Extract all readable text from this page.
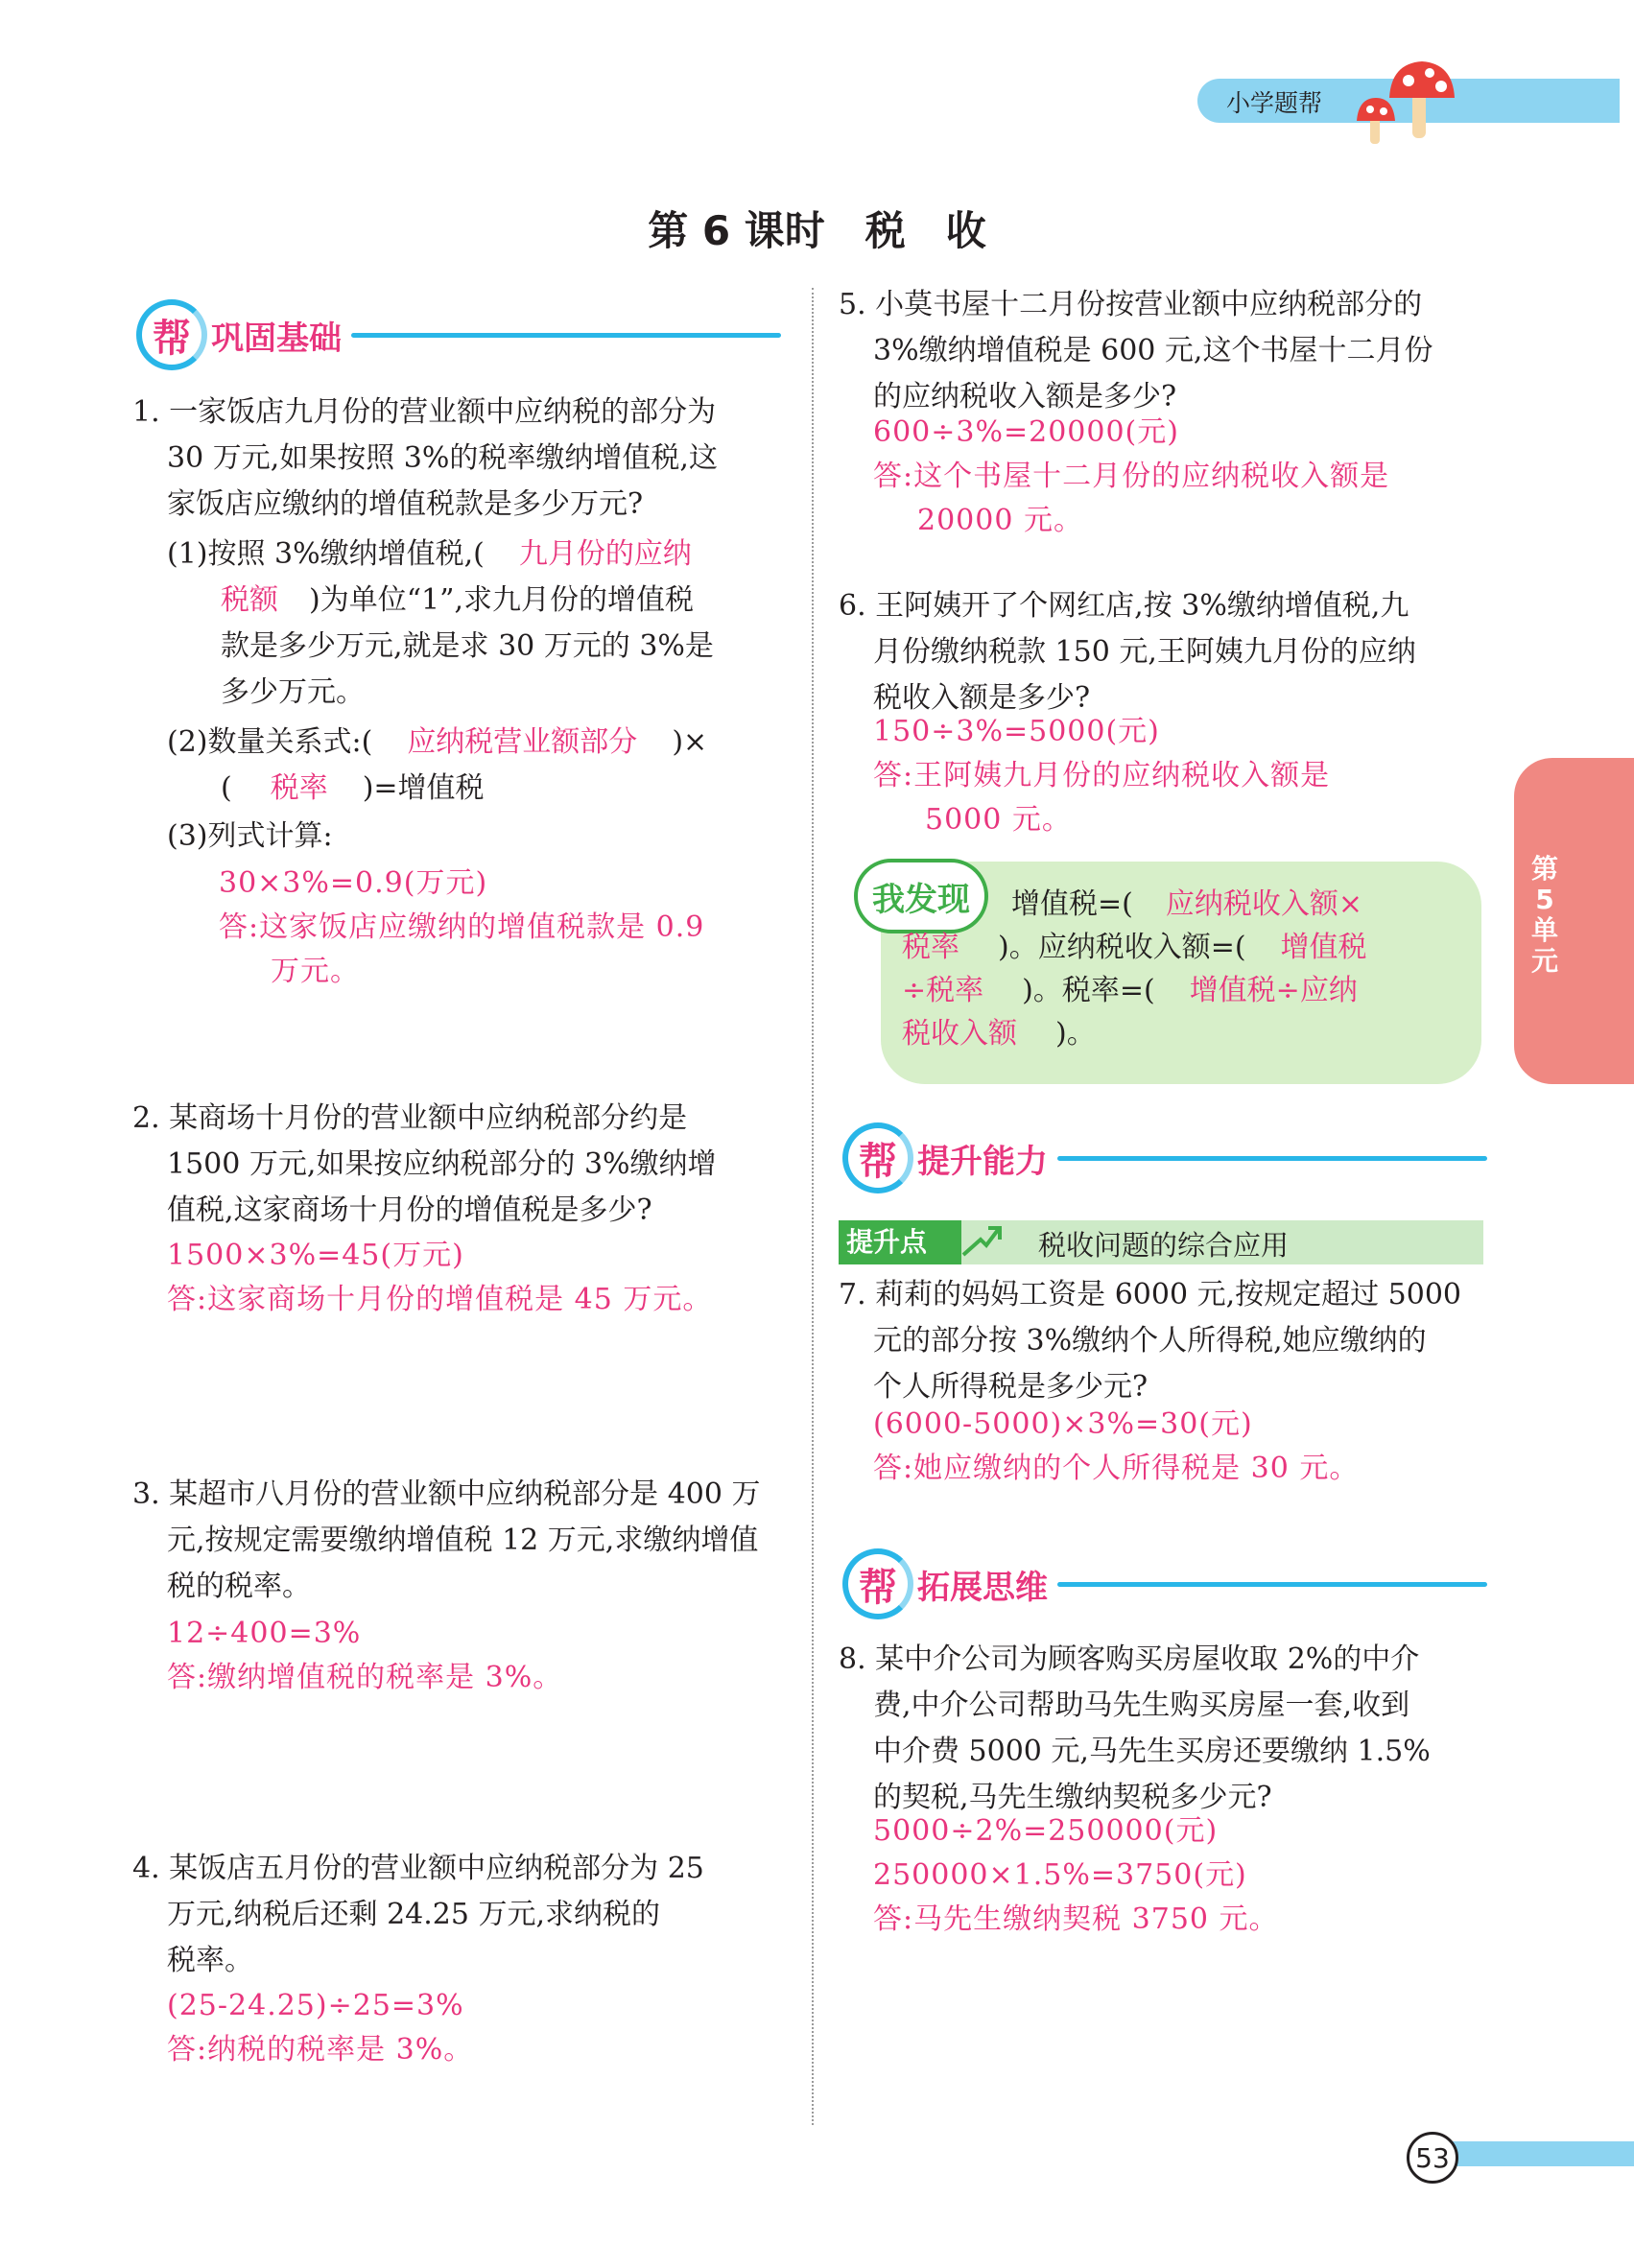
小学题帮
第5单元
第 6 课时　税　收
帮 巩固基础
1. 一家饭店九月份的营业额中应纳税的部分为
30 万元,如果按照 3%的税率缴纳增值税,这
家饭店应缴纳的增值税款是多少万元?
(1)按照 3%缴纳增值税,( 九月份的应纳
税额 )为单位“1”,求九月份的增值税
款是多少万元,就是求 30 万元的 3%是
多少万元。
(2)数量关系式:( 应纳税营业额部分 )×
( 税率 )=增值税
(3)列式计算:
30×3%=0.9(万元)
答:这家饭店应缴纳的增值税款是 0.9
万元。
2. 某商场十月份的营业额中应纳税部分约是
1500 万元,如果按应纳税部分的 3%缴纳增
值税,这家商场十月份的增值税是多少?
1500×3%=45(万元)
答:这家商场十月份的增值税是 45 万元。
3. 某超市八月份的营业额中应纳税部分是 400 万
元,按规定需要缴纳增值税 12 万元,求缴纳增值
税的税率。
12÷400=3%
答:缴纳增值税的税率是 3%。
4. 某饭店五月份的营业额中应纳税部分为 25
万元,纳税后还剩 24.25 万元,求纳税的
税率。
(25-24.25)÷25=3%
答:纳税的税率是 3%。
5. 小莫书屋十二月份按营业额中应纳税部分的
3%缴纳增值税是 600 元,这个书屋十二月份
的应纳税收入额是多少?
600÷3%=20000(元)
答:这个书屋十二月份的应纳税收入额是
20000 元。
6. 王阿姨开了个网红店,按 3%缴纳增值税,九
月份缴纳税款 150 元,王阿姨九月份的应纳
税收入额是多少?
150÷3%=5000(元)
答:王阿姨九月份的应纳税收入额是
5000 元。
我发现	增值税=( 应纳税收入额×
税率 )。应纳税收入额=( 增值税
÷税率 )。税率=( 增值税÷应纳
税收入额 )。
帮 提升能力
提升点	税收问题的综合应用
7. 莉莉的妈妈工资是 6000 元,按规定超过 5000
元的部分按 3%缴纳个人所得税,她应缴纳的
个人所得税是多少元?
(6000-5000)×3%=30(元)
答:她应缴纳的个人所得税是 30 元。
帮 拓展思维
8. 某中介公司为顾客购买房屋收取 2%的中介
费,中介公司帮助马先生购买房屋一套,收到
中介费 5000 元,马先生买房还要缴纳 1.5%
的契税,马先生缴纳契税多少元?
5000÷2%=250000(元)
250000×1.5%=3750(元)
答:马先生缴纳契税 3750 元。
53
